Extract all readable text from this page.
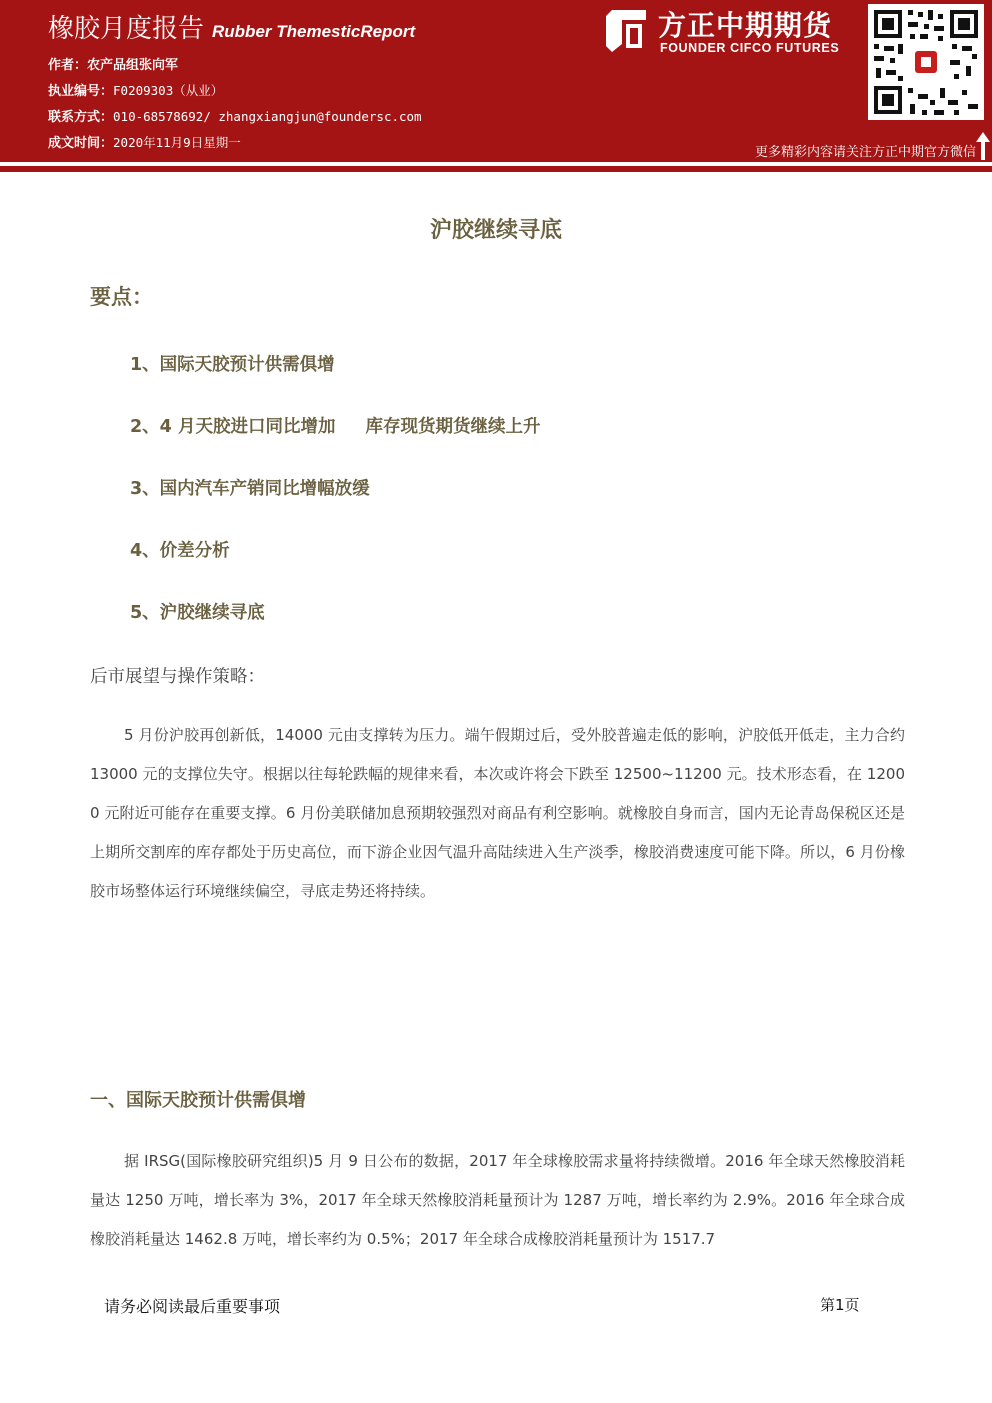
橡胶月度报告 Rubber ThemesticReport
作者：农产品组张向军
执业编号：F0209303（从业）
联系方式：010-68578692/ zhangxiangjun@foundersc.com
成文时间：2020年11月9日星期一
方正中期期货
FOUNDER CIFCO FUTURES
更多精彩内容请关注方正中期官方微信
沪胶继续寻底
要点：
1、国际天胶预计供需俱增
2、4 月天胶进口同比增加 库存现货期货继续上升
3、国内汽车产销同比增幅放缓
4、价差分析
5、沪胶继续寻底
后市展望与操作策略：
5 月份沪胶再创新低，14000 元由支撑转为压力。端午假期过后，受外胶普遍走低的影响，沪胶低开低走，主力合约 13000 元的支撑位失守。根据以往每轮跌幅的规律来看，本次或许将会下跌至 12500~11200 元。技术形态看，在 12000 元附近可能存在重要支撑。6 月份美联储加息预期较强烈对商品有利空影响。就橡胶自身而言，国内无论青岛保税区还是上期所交割库的库存都处于历史高位，而下游企业因气温升高陆续进入生产淡季，橡胶消费速度可能下降。所以，6 月份橡胶市场整体运行环境继续偏空，寻底走势还将持续。
一、国际天胶预计供需俱增
据 IRSG(国际橡胶研究组织)5 月 9 日公布的数据，2017 年全球橡胶需求量将持续微增。2016 年全球天然橡胶消耗量达 1250 万吨，增长率为 3%，2017 年全球天然橡胶消耗量预计为 1287 万吨，增长率约为 2.9%。2016 年全球合成橡胶消耗量达 1462.8 万吨，增长率约为 0.5%；2017 年全球合成橡胶消耗量预计为 1517.7
请务必阅读最后重要事项	第1页
